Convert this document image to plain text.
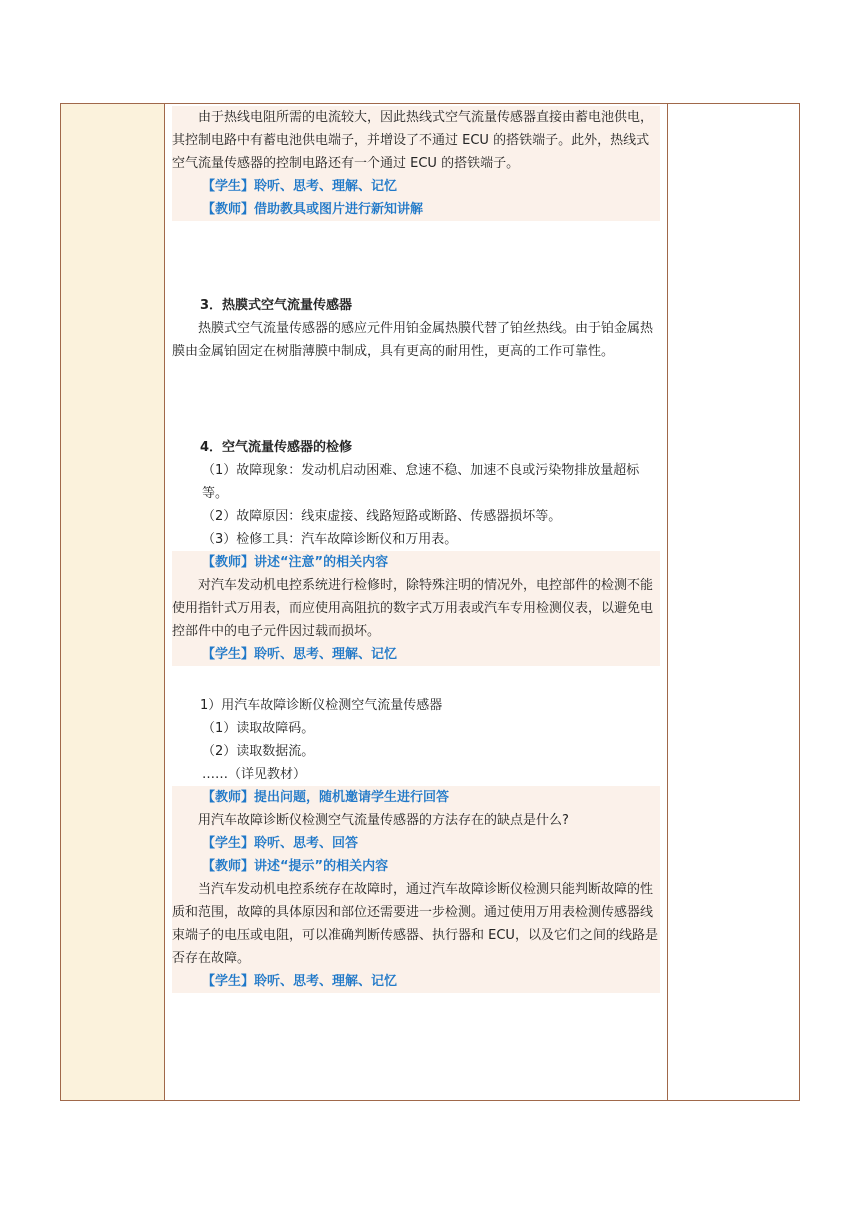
由于热线电阻所需的电流较大，因此热线式空气流量传感器直接由蓄电池供电，其控制电路中有蓄电池供电端子，并增设了不通过 ECU 的搭铁端子。此外，热线式空气流量传感器的控制电路还有一个通过 ECU 的搭铁端子。

【学生】聆听、思考、理解、记忆

【教师】借助教具或图片进行新知讲解

3．热膜式空气流量传感器

热膜式空气流量传感器的感应元件用铂金属热膜代替了铂丝热线。由于铂金属热膜由金属铂固定在树脂薄膜中制成，具有更高的耐用性，更高的工作可靠性。

4．空气流量传感器的检修

（1）故障现象：发动机启动困难、怠速不稳、加速不良或污染物排放量超标等。

（2）故障原因：线束虚接、线路短路或断路、传感器损坏等。

（3）检修工具：汽车故障诊断仪和万用表。

【教师】讲述“注意”的相关内容

对汽车发动机电控系统进行检修时，除特殊注明的情况外，电控部件的检测不能使用指针式万用表，而应使用高阻抗的数字式万用表或汽车专用检测仪表，以避免电控部件中的电子元件因过载而损坏。

【学生】聆听、思考、理解、记忆

1）用汽车故障诊断仪检测空气流量传感器

（1）读取故障码。

（2）读取数据流。

……（详见教材）

【教师】提出问题，随机邀请学生进行回答

用汽车故障诊断仪检测空气流量传感器的方法存在的缺点是什么?

【学生】聆听、思考、回答

【教师】讲述“提示”的相关内容

当汽车发动机电控系统存在故障时，通过汽车故障诊断仪检测只能判断故障的性质和范围，故障的具体原因和部位还需要进一步检测。通过使用万用表检测传感器线束端子的电压或电阻，可以准确判断传感器、执行器和 ECU，以及它们之间的线路是否存在故障。

【学生】聆听、思考、理解、记忆
